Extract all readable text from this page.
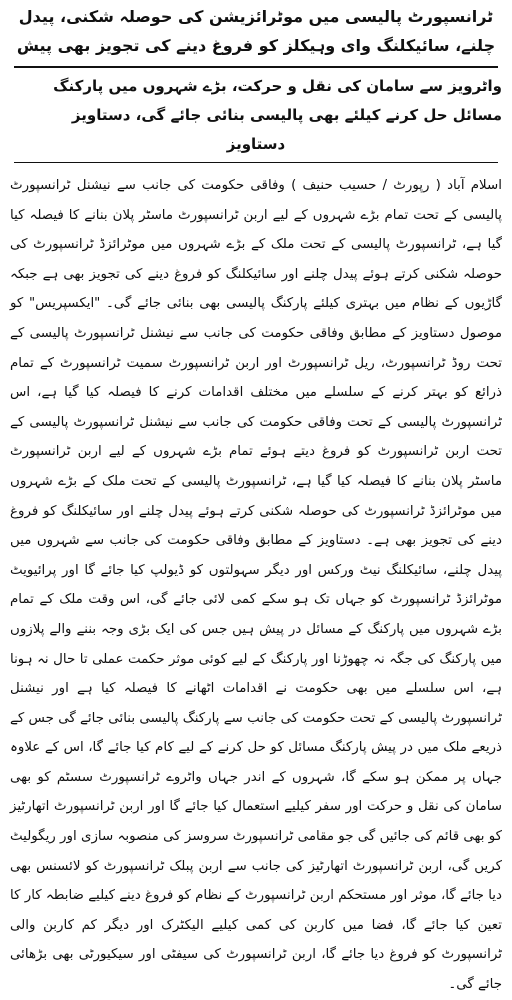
ٹرانسپورٹ پالیسی میں موٹرائزیشن کی حوصلہ شکنی، پیدل چلنے، سائیکلنگ وای وہیکلز کو فروغ دینے کی تجویز بھی پیش
واٹرویز سے سامان کی نقل و حرکت، بڑے شہروں میں پارکنگ مسائل حل کرنے کیلئے بھی پالیسی بنائی جائے گی، دستاویز
دستاویز

اسلام آباد ( رپورٹ / حسیب حنیف ) وفاقی حکومت کی جانب سے نیشنل ٹرانسپورٹ پالیسی کے تحت تمام بڑے شہروں کے لیے اربن ٹرانسپورٹ ماسٹر پلان بنانے کا فیصلہ کیا گیا ہے، ٹرانسپورٹ پالیسی کے تحت ملک کے بڑے شہروں میں موٹرائزڈ ٹرانسپورٹ کی حوصلہ شکنی کرتے ہوئے پیدل چلنے اور سائیکلنگ کو فروغ دینے کی تجویز بھی ہے جبکہ گاڑیوں کے نظام میں بہتری کیلئے پارکنگ پالیسی بھی بنائی جائے گی۔ "ایکسپریس" کو موصول دستاویز کے مطابق وفاقی حکومت کی جانب سے نیشنل ٹرانسپورٹ پالیسی کے تحت روڈ ٹرانسپورٹ، ریل ٹرانسپورٹ اور اربن ٹرانسپورٹ سمیت ٹرانسپورٹ کے تمام ذرائع کو بہتر کرنے کے سلسلے میں مختلف اقدامات کرنے کا فیصلہ کیا گیا ہے، اس ٹرانسپورٹ پالیسی کے تحت وفاقی حکومت کی جانب سے نیشنل ٹرانسپورٹ پالیسی کے تحت اربن ٹرانسپورٹ کو فروغ دیتے ہوئے تمام بڑے شہروں کے لیے اربن ٹرانسپورٹ ماسٹر پلان بنانے کا فیصلہ کیا گیا ہے، ٹرانسپورٹ پالیسی کے تحت ملک کے بڑے شہروں میں موٹرائزڈ ٹرانسپورٹ کی حوصلہ شکنی کرتے ہوئے پیدل چلنے اور سائیکلنگ کو فروغ دینے کی تجویز بھی ہے۔ دستاویز کے مطابق وفاقی حکومت کی جانب سے شہروں میں پیدل چلنے، سائیکلنگ نیٹ ورکس اور دیگر سہولتوں کو ڈیولپ کیا جائے گا اور پرائیویٹ موٹرائزڈ ٹرانسپورٹ کو جہاں تک ہو سکے کمی لائی جائے گی، اس وقت ملک کے تمام بڑے شہروں میں پارکنگ کے مسائل در پیش ہیں جس کی ایک بڑی وجہ بننے والے پلازوں میں پارکنگ کی جگہ نہ چھوڑنا اور پارکنگ کے لیے کوئی موثر حکمت عملی تا حال نہ ہونا ہے، اس سلسلے میں بھی حکومت نے اقدامات اٹھانے کا فیصلہ کیا ہے اور نیشنل ٹرانسپورٹ پالیسی کے تحت حکومت کی جانب سے پارکنگ پالیسی بنائی جائے گی جس کے ذریعے ملک میں در پیش پارکنگ مسائل کو حل کرنے کے لیے کام کیا جائے گا، اس کے علاوہ جہاں پر ممکن ہو سکے گا، شہروں کے اندر جہاں واٹروے ٹرانسپورٹ سسٹم کو بھی سامان کی نقل و حرکت اور سفر کیلیے استعمال کیا جائے گا اور اربن ٹرانسپورٹ اتھارٹیز کو بھی قائم کی جائیں گی جو مقامی ٹرانسپورٹ سروسز کی منصوبہ سازی اور ریگولیٹ کریں گی، اربن ٹرانسپورٹ اتھارٹیز کی جانب سے اربن پبلک ٹرانسپورٹ کو لائسنس بھی دیا جائے گا، موثر اور مستحکم اربن ٹرانسپورٹ کے نظام کو فروغ دینے کیلیے ضابطہ کار کا تعین کیا جائے گا، فضا میں کاربن کی کمی کیلیے الیکٹرک اور دیگر کم کاربن والی ٹرانسپورٹ کو فروغ دیا جائے گا، اربن ٹرانسپورٹ کی سیفٹی اور سیکیورٹی بھی بڑھائی جائے گی۔
